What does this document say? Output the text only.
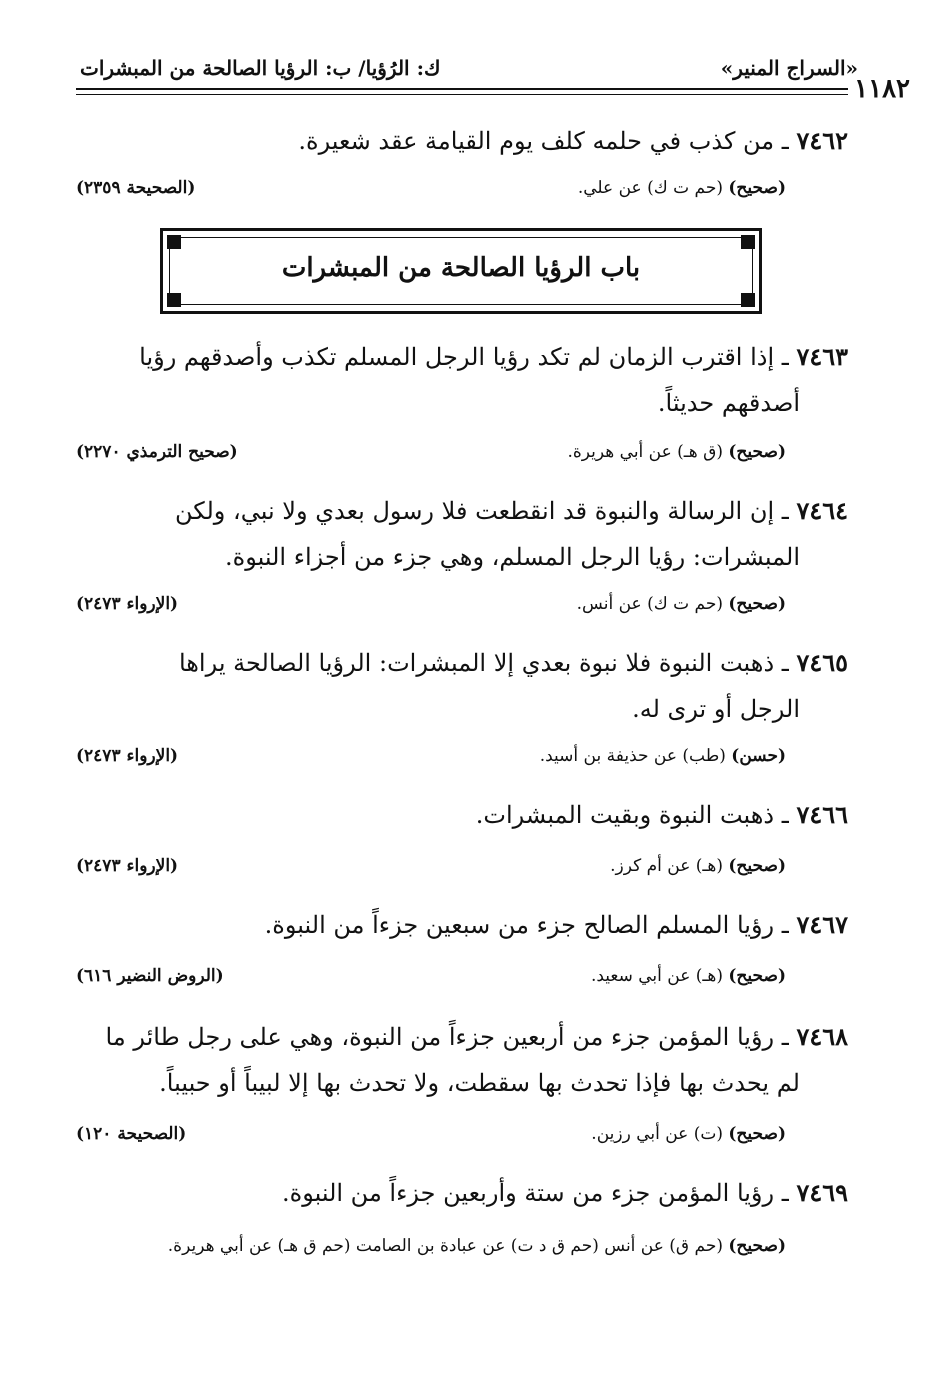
«السراج المنير»
ك: الرُؤيا/ ب: الرؤيا الصالحة من المبشرات
١١٨٢
٧٤٦٢ ـ من كذب في حلمه كلف يوم القيامة عقد شعيرة.
(صحيح) (حم ت ك) عن علي.
(الصحيحة ٢٣٥٩)
باب الرؤيا الصالحة من المبشرات
٧٤٦٣ ـ إذا اقترب الزمان لم تكد رؤيا الرجل المسلم تكذب وأصدقهم رؤيا
أصدقهم حديثاً.
(صحيح) (ق هـ) عن أبي هريرة.
(صحيح الترمذي ٢٢٧٠)
٧٤٦٤ ـ إن الرسالة والنبوة قد انقطعت فلا رسول بعدي ولا نبي، ولكن
المبشرات: رؤيا الرجل المسلم، وهي جزء من أجزاء النبوة.
(صحيح) (حم ت ك) عن أنس.
(الإرواء ٢٤٧٣)
٧٤٦٥ ـ ذهبت النبوة فلا نبوة بعدي إلا المبشرات: الرؤيا الصالحة يراها
الرجل أو ترى له.
(حسن) (طب) عن حذيفة بن أسيد.
(الإرواء ٢٤٧٣)
٧٤٦٦ ـ ذهبت النبوة وبقيت المبشرات.
(صحيح) (هـ) عن أم كرز.
(الإرواء ٢٤٧٣)
٧٤٦٧ ـ رؤيا المسلم الصالح جزء من سبعين جزءاً من النبوة.
(صحيح) (هـ) عن أبي سعيد.
(الروض النضير ٦١٦)
٧٤٦٨ ـ رؤيا المؤمن جزء من أربعين جزءاً من النبوة، وهي على رجل طائر ما
لم يحدث بها فإذا تحدث بها سقطت، ولا تحدث بها إلا لبيباً أو حبيباً.
(صحيح) (ت) عن أبي رزين.
(الصحيحة ١٢٠)
٧٤٦٩ ـ رؤيا المؤمن جزء من ستة وأربعين جزءاً من النبوة.
(صحيح) (حم ق) عن أنس (حم ق د ت) عن عبادة بن الصامت (حم ق هـ) عن أبي هريرة.
